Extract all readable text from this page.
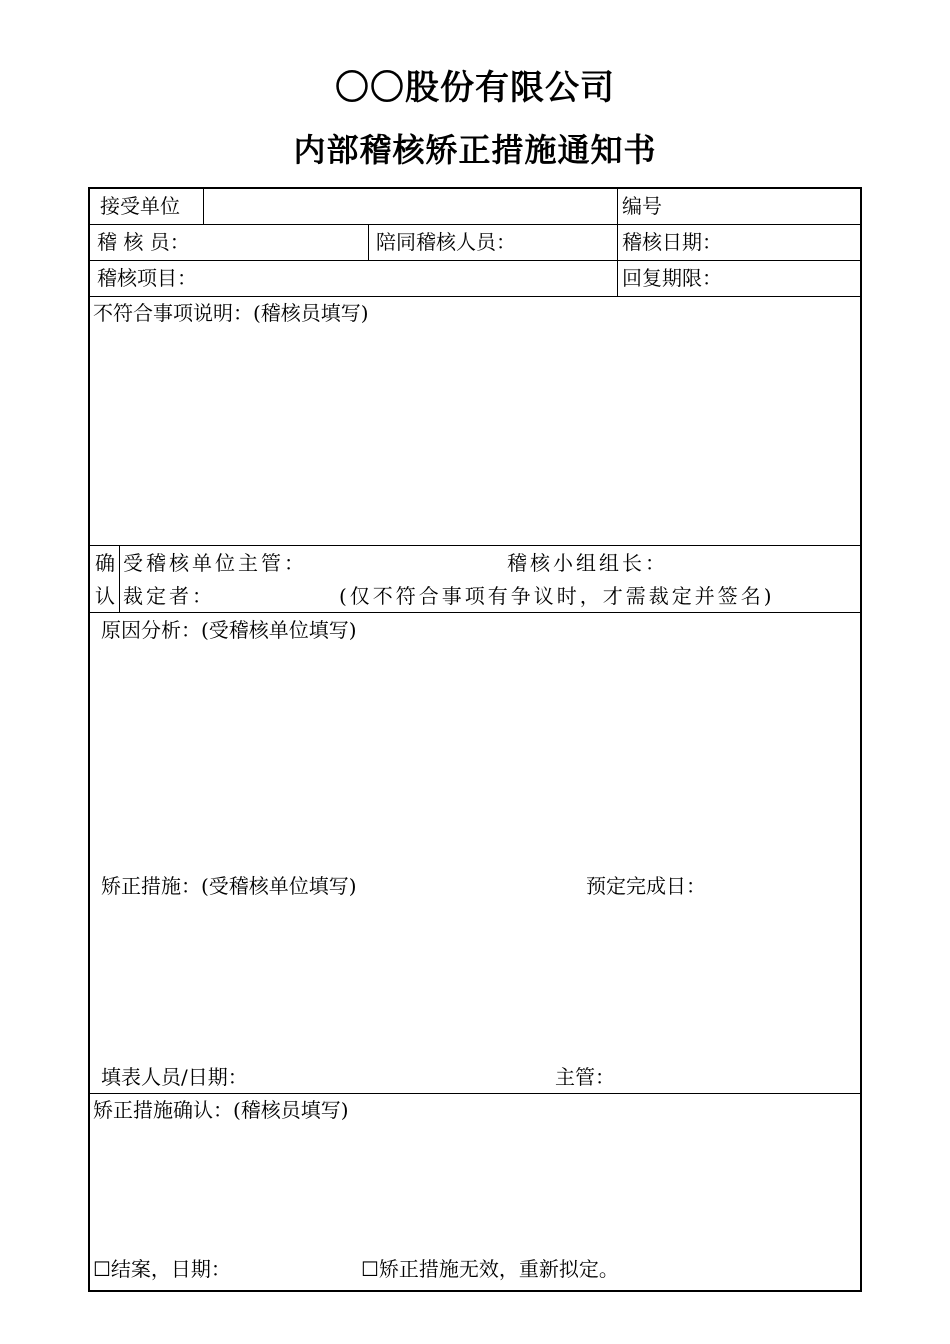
〇〇股份有限公司
内部稽核矫正措施通知书
接受单位	编号
稽 核 员：	陪同稽核人员：	稽核日期：
稽核项目：	回复期限：
不符合事项说明：(稽核员填写)
确
认
受稽核单位主管：	稽核小组组长：
裁定者：	(仅不符合事项有争议时，才需裁定并签名)
原因分析：(受稽核单位填写)
矫正措施：(受稽核单位填写)	预定完成日：
填表人员/日期：	主管：
矫正措施确认：(稽核员填写)
☐结案，日期：	☐矫正措施无效，重新拟定。
